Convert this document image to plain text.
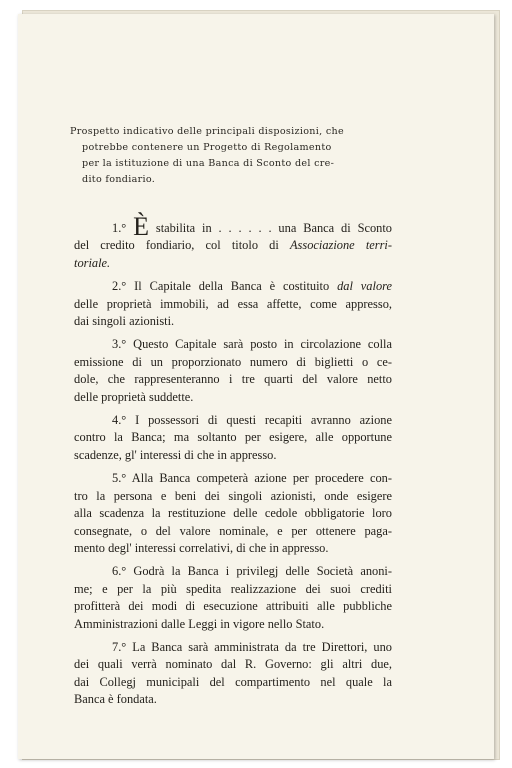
Prospetto indicativo delle principali disposizioni, che
potrebbe contenere un Progetto di Regolamento
per la istituzione di una Banca di Sconto del cre-
dito fondiario.
1.° È stabilita in . . . . . . una Banca di Sconto
del credito fondiario, col titolo di Associazione terri-
toriale.
2.° Il Capitale della Banca è costituito dal valore
delle proprietà immobili, ad essa affette, come appresso,
dai singoli azionisti.
3.° Questo Capitale sarà posto in circolazione colla
emissione di un proporzionato numero di biglietti o ce-
dole, che rappresenteranno i tre quarti del valore netto
delle proprietà suddette.
4.° I possessori di questi recapiti avranno azione
contro la Banca; ma soltanto per esigere, alle opportune
scadenze, gl' interessi di che in appresso.
5.° Alla Banca competerà azione per procedere con-
tro la persona e beni dei singoli azionisti, onde esigere
alla scadenza la restituzione delle cedole obbligatorie loro
consegnate, o del valore nominale, e per ottenere paga-
mento degl' interessi correlativi, di che in appresso.
6.° Godrà la Banca i privilegj delle Società anoni-
me; e per la più spedita realizzazione dei suoi crediti
profitterà dei modi di esecuzione attribuiti alle pubbliche
Amministrazioni dalle Leggi in vigore nello Stato.
7.° La Banca sarà amministrata da tre Direttori, uno
dei quali verrà nominato dal R. Governo: gli altri due,
dai Collegj municipali del compartimento nel quale la
Banca è fondata.
